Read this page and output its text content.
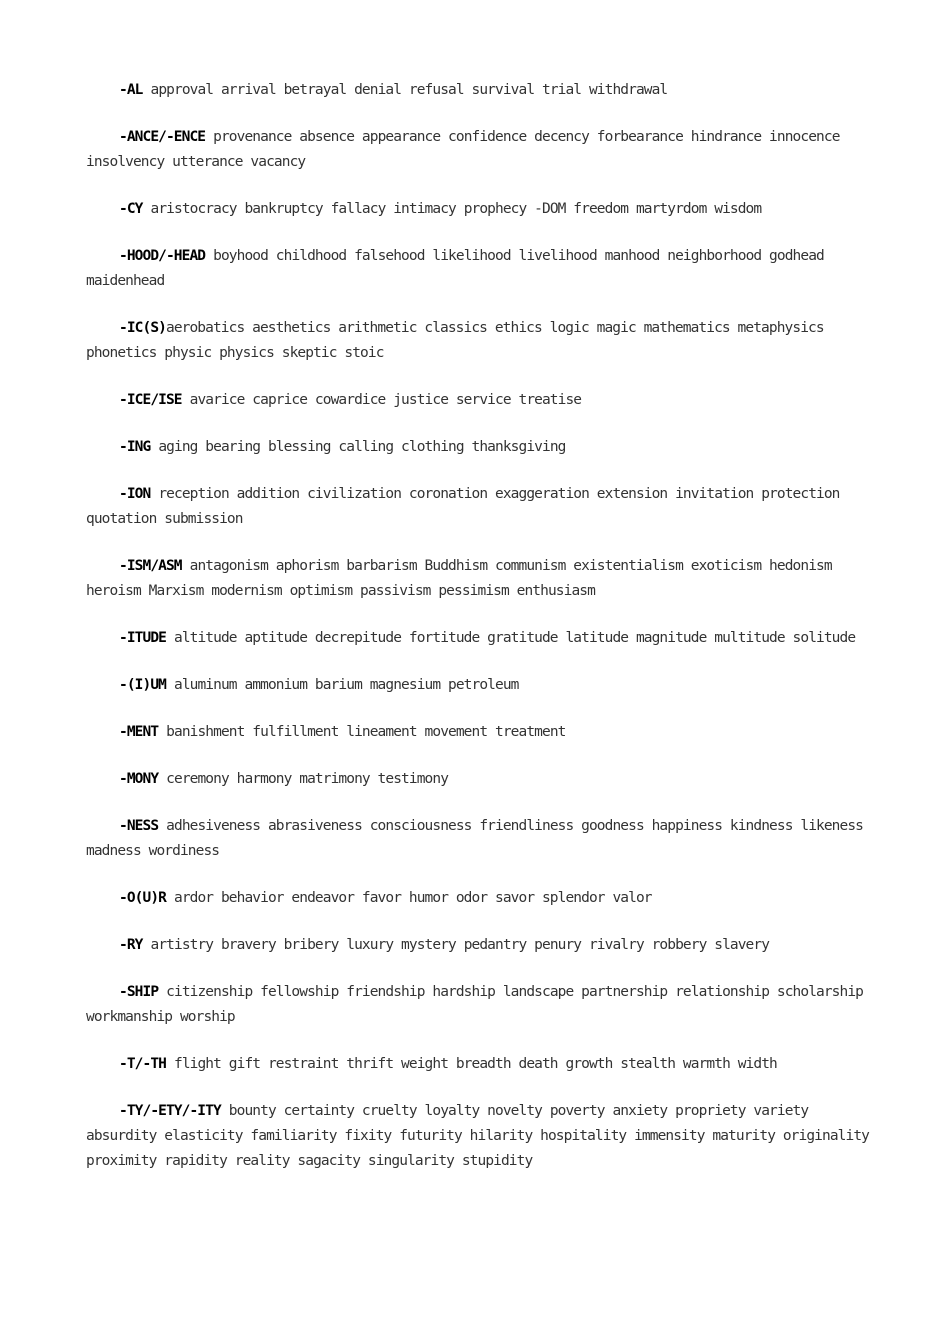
-AL approval arrival betrayal denial refusal survival trial withdrawal

-ANCE/-ENCE provenance absence appearance confidence decency forbearance hindrance innocence insolvency utterance vacancy

-CY aristocracy bankruptcy fallacy intimacy prophecy -DOM freedom martyrdom wisdom

-HOOD/-HEAD boyhood childhood falsehood likelihood livelihood manhood neighborhood godhead maidenhead

-IC(S)aerobatics aesthetics arithmetic classics ethics logic magic mathematics metaphysics phonetics physic physics skeptic stoic

-ICE/ISE avarice caprice cowardice justice service treatise

-ING aging bearing blessing calling clothing thanksgiving

-ION reception addition civilization coronation exaggeration extension invitation protection quotation submission

-ISM/ASM antagonism aphorism barbarism Buddhism communism existentialism exoticism hedonism heroism Marxism modernism optimism passivism pessimism enthusiasm

-ITUDE altitude aptitude decrepitude fortitude gratitude latitude magnitude multitude solitude

-(I)UM aluminum ammonium barium magnesium petroleum

-MENT banishment fulfillment lineament movement treatment

-MONY ceremony harmony matrimony testimony

-NESS adhesiveness abrasiveness consciousness friendliness goodness happiness kindness likeness madness wordiness

-O(U)R ardor behavior endeavor favor humor odor savor splendor valor

-RY artistry bravery bribery luxury mystery pedantry penury rivalry robbery slavery

-SHIP citizenship fellowship friendship hardship landscape partnership relationship scholarship workmanship worship

-T/-TH flight gift restraint thrift weight breadth death growth stealth warmth width

-TY/-ETY/-ITY bounty certainty cruelty loyalty novelty poverty anxiety propriety variety absurdity elasticity familiarity fixity futurity hilarity hospitality immensity maturity originality proximity rapidity reality sagacity singularity stupidity
